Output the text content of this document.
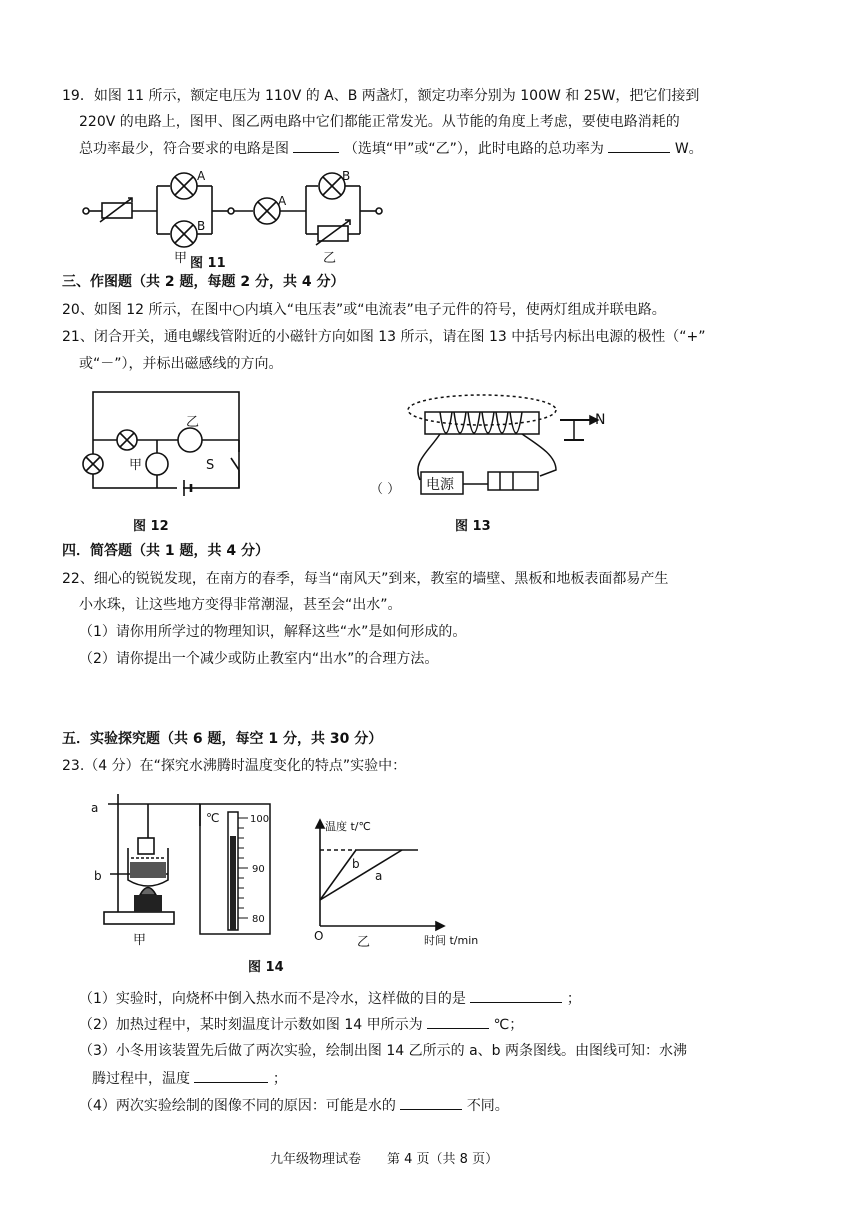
19．如图 11 所示，额定电压为 110V 的 A、B 两盏灯，额定功率分别为 100W 和 25W，把它们接到
220V 的电路上，图甲、图乙两电路中它们都能正常发光。从节能的角度上考虑，要使电路消耗的
总功率最少，符合要求的电路是图	（选填“甲”或“乙”），此时电路的总功率为	W。
A
B
A
B
甲	乙
乙
甲	S
N
电源
（ ）
a
b
甲
℃	100
90
80
温度 t/℃
时间 t/min
O
b
a
乙
图 11
三、作图题（共 2 题，每题 2 分，共 4 分）
20、如图 12 所示，在图中○内填入“电压表”或“电流表”电子元件的符号，使两灯组成并联电路。
21、闭合开关，通电螺线管附近的小磁针方向如图 13 所示，请在图 13 中括号内标出电源的极性（“+”
或“－”），并标出磁感线的方向。
图 12	图 13
四．简答题（共 1 题，共 4 分）
22、细心的锐锐发现，在南方的春季，每当“南风天”到来，教室的墙壁、黑板和地板表面都易产生
小水珠，让这些地方变得非常潮湿，甚至会“出水”。
（1）请你用所学过的物理知识，解释这些“水”是如何形成的。
（2）请你提出一个减少或防止教室内“出水”的合理方法。
五．实验探究题（共 6 题，每空 1 分，共 30 分）
23.（4 分）在“探究水沸腾时温度变化的特点”实验中：
图 14
（1）实验时，向烧杯中倒入热水而不是冷水，这样做的目的是	；
（2）加热过程中，某时刻温度计示数如图 14 甲所示为	℃；
（3）小冬用该装置先后做了两次实验，绘制出图 14 乙所示的 a、b 两条图线。由图线可知：水沸
腾过程中，温度	；
（4）两次实验绘制的图像不同的原因：可能是水的	不同。
九年级物理试卷　　第 4 页（共 8 页）
